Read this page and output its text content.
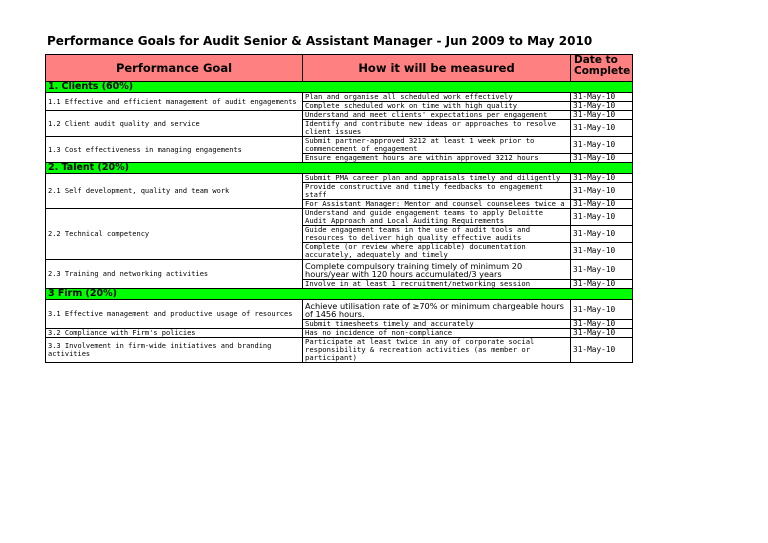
Performance Goals for Audit Senior & Assistant Manager - Jun 2009 to May 2010
Performance Goal	How it will be measured	Date to Complete

1. Clients (60%)		
1.1 Effective and efficient management of audit engagements	Plan and organise all scheduled work effectively	31-May-10
	Complete scheduled work on time with high quality	31-May-10
1.2 Client audit quality and service	Understand and meet clients' expectations per engagement	31-May-10
	Identify and contribute new ideas or approaches to resolve client issues	31-May-10
1.3 Cost effectiveness in managing engagements	Submit partner-approved 3212 at least 1 week prior to commencement of engagement	31-May-10
	Ensure engagement hours are within approved 3212 hours	31-May-10
2. Talent (20%)		
2.1 Self development, quality and team work	Submit PMA career plan and appraisals timely and diligently	31-May-10
	Provide constructive and timely feedbacks to engagement staff	31-May-10

	For Assistant Manager: Mentor and counsel counselees twice a	31-May-10
2.2 Technical competency	Understand and guide engagement teams to apply Deloitte Audit Approach and Local Auditing Requirements	31-May-10
	Guide engagement teams in the use of audit tools and resources to deliver high quality effective audits	31-May-10
	Complete (or review where applicable) documentation accurately, adequately and timely	31-May-10
2.3 Training and networking activities	Complete compulsory training timely of minimum 20 hours/year with 120 hours accumulated/3 years	31-May-10
	Involve in at least 1 recruitment/networking session	31-May-10
3 Firm (20%)		
3.1 Effective management and productive usage of resources	Achieve utilisation rate of ≥70% or minimum chargeable hours of 1456 hours.	31-May-10
	Submit timesheets timely and accurately	31-May-10
3.2 Compliance with Firm's policies	Has no incidence of non-compliance	31-May-10
3.3 Involvement in firm-wide initiatives and branding activities	Participate at least twice in any of corporate social responsibility & recreation activities (as member or participant)	31-May-10
